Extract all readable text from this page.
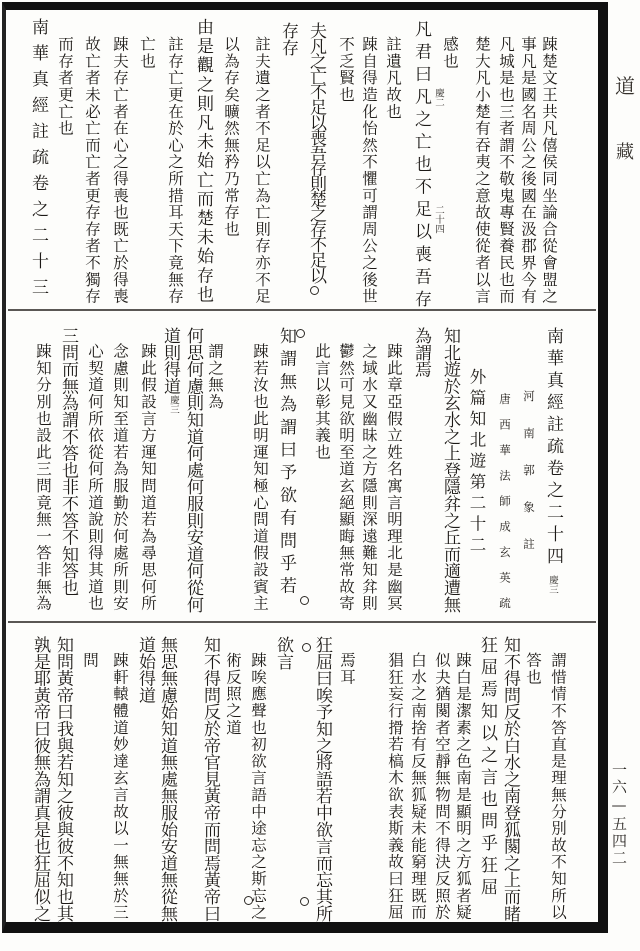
踈楚文王共凡僖侯同坐論合從會盟之
事凡是國名周公之後國在汲郡界今有
凡城是也三者謂不敬鬼專賢養民也而
楚大凡小楚有吞夷之意故使從者以言
感也
凡君曰凡之亡也不足以喪吾存
註遺凡故也
踈自得造化怡然不懼可謂周公之後世
不乏賢也
夫凡之亡不足以喪吾存則楚之存不足以
存存
註夫遺之者不足以亡為亡則存亦不足
以為存矣曠然無矜乃常存也
由是觀之則凡未始亡而楚未始存也
註存亡更在於心之所措耳天下竟無存
亡也
踈夫存亡者在心之得喪也既亡於得喪
故亡者未必亡而亡者更存存者不獨存
而存者更亡也
南華真經註疏卷之二十三
南華真經註疏卷之二十四
河南郭象註
唐西華法師成玄英疏
外篇知北遊第二十二
知北遊於玄水之上登隱弅之丘而適遭無
為謂焉
踈此章亞假立姓名寓言明理北是幽冥
之域水又幽昧之方隱則深遠難知弅則
鬱然可見欲明至道玄絕顯晦無常故寄
此言以彰其義也
知謂無為謂曰予欲有問乎若
踈若汝也此明運知極心問道假設賓主
謂之無為
何思何慮則知道何處何服則安道何從何
道則得道
踈此假設言方運知問道若為尋思何所
念慮則知至道若為服勤於何處所則安
心契道何所依從何所道說則得其道也
三問而無為謂不答也非不答不知答也
踈知分別也設此三問竟無一答非無為
謂惜情不答直是理無分別故不知所以
答也
知不得問反於白水之南登狐闋之上而睹
狂屈焉知以之言也問乎狂屈
踈白是潔素之色南是顯明之方狐者疑
似夬猶闋者空靜無物問不得決反照於
白水之南捨有反無狐疑未能窮理既而
猖狂妄行搰若槁木欲表斯義故曰狂屈
焉耳
狂屈曰唉予知之將語若中欲言而忘其所
欲言
踈唉應聲也初欲言語中途忘之斯忘之
術反照之道
知不得問反於帝官見黃帝而問焉黃帝曰
無思無慮始知道無處無服始安道無從無
道始得道
踈軒轅體道妙達玄言故以一無無於三
問
知問黃帝曰我與若知之彼與彼不知也其
孰是耶黃帝曰彼無為謂真是也狂屈似之
慶二
二十四
慶三
慶三
道
藏
一六—五四二
